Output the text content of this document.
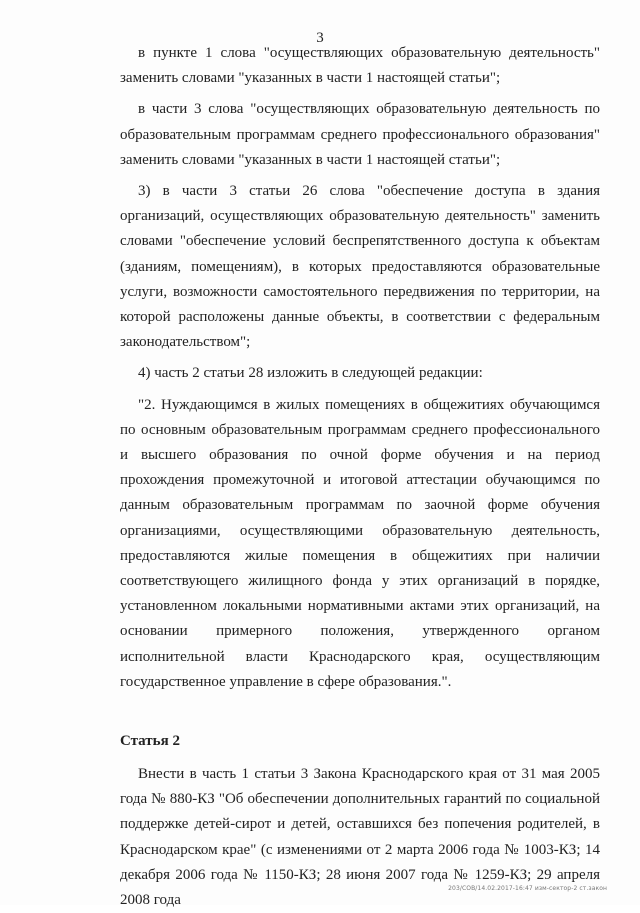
3

в пункте 1 слова "осуществляющих образовательную деятельность" заменить словами "указанных в части 1 настоящей статьи";

в части 3 слова "осуществляющих образовательную деятельность по образовательным программам среднего профессионального образования" заменить словами "указанных в части 1 настоящей статьи";

3) в части 3 статьи 26 слова "обеспечение доступа в здания организаций, осуществляющих образовательную деятельность" заменить словами "обеспечение условий беспрепятственного доступа к объектам (зданиям, помещениям), в которых предоставляются образовательные услуги, возможности самостоятельного передвижения по территории, на которой расположены данные объекты, в соответствии с федеральным законодательством";

4) часть 2 статьи 28 изложить в следующей редакции:

"2. Нуждающимся в жилых помещениях в общежитиях обучающимся по основным образовательным программам среднего профессионального и высшего образования по очной форме обучения и на период прохождения промежуточной и итоговой аттестации обучающимся по данным образовательным программам по заочной форме обучения организациями, осуществляющими образовательную деятельность, предоставляются жилые помещения в общежитиях при наличии соответствующего жилищного фонда у этих организаций в порядке, установленном локальными нормативными актами этих организаций, на основании примерного положения, утвержденного органом исполнительной власти Краснодарского края, осуществляющим государственное управление в сфере образования.".

Статья 2

Внести в часть 1 статьи 3 Закона Краснодарского края от 31 мая 2005 года № 880-КЗ "Об обеспечении дополнительных гарантий по социальной поддержке детей-сирот и детей, оставшихся без попечения родителей, в Краснодарском крае" (с изменениями от 2 марта 2006 года № 1003-КЗ; 14 декабря 2006 года № 1150-КЗ; 28 июня 2007 года № 1259-КЗ; 29 апреля 2008 года

203/СОВ/14.02.2017-16:47 изм-сектор-2 ст.закон
